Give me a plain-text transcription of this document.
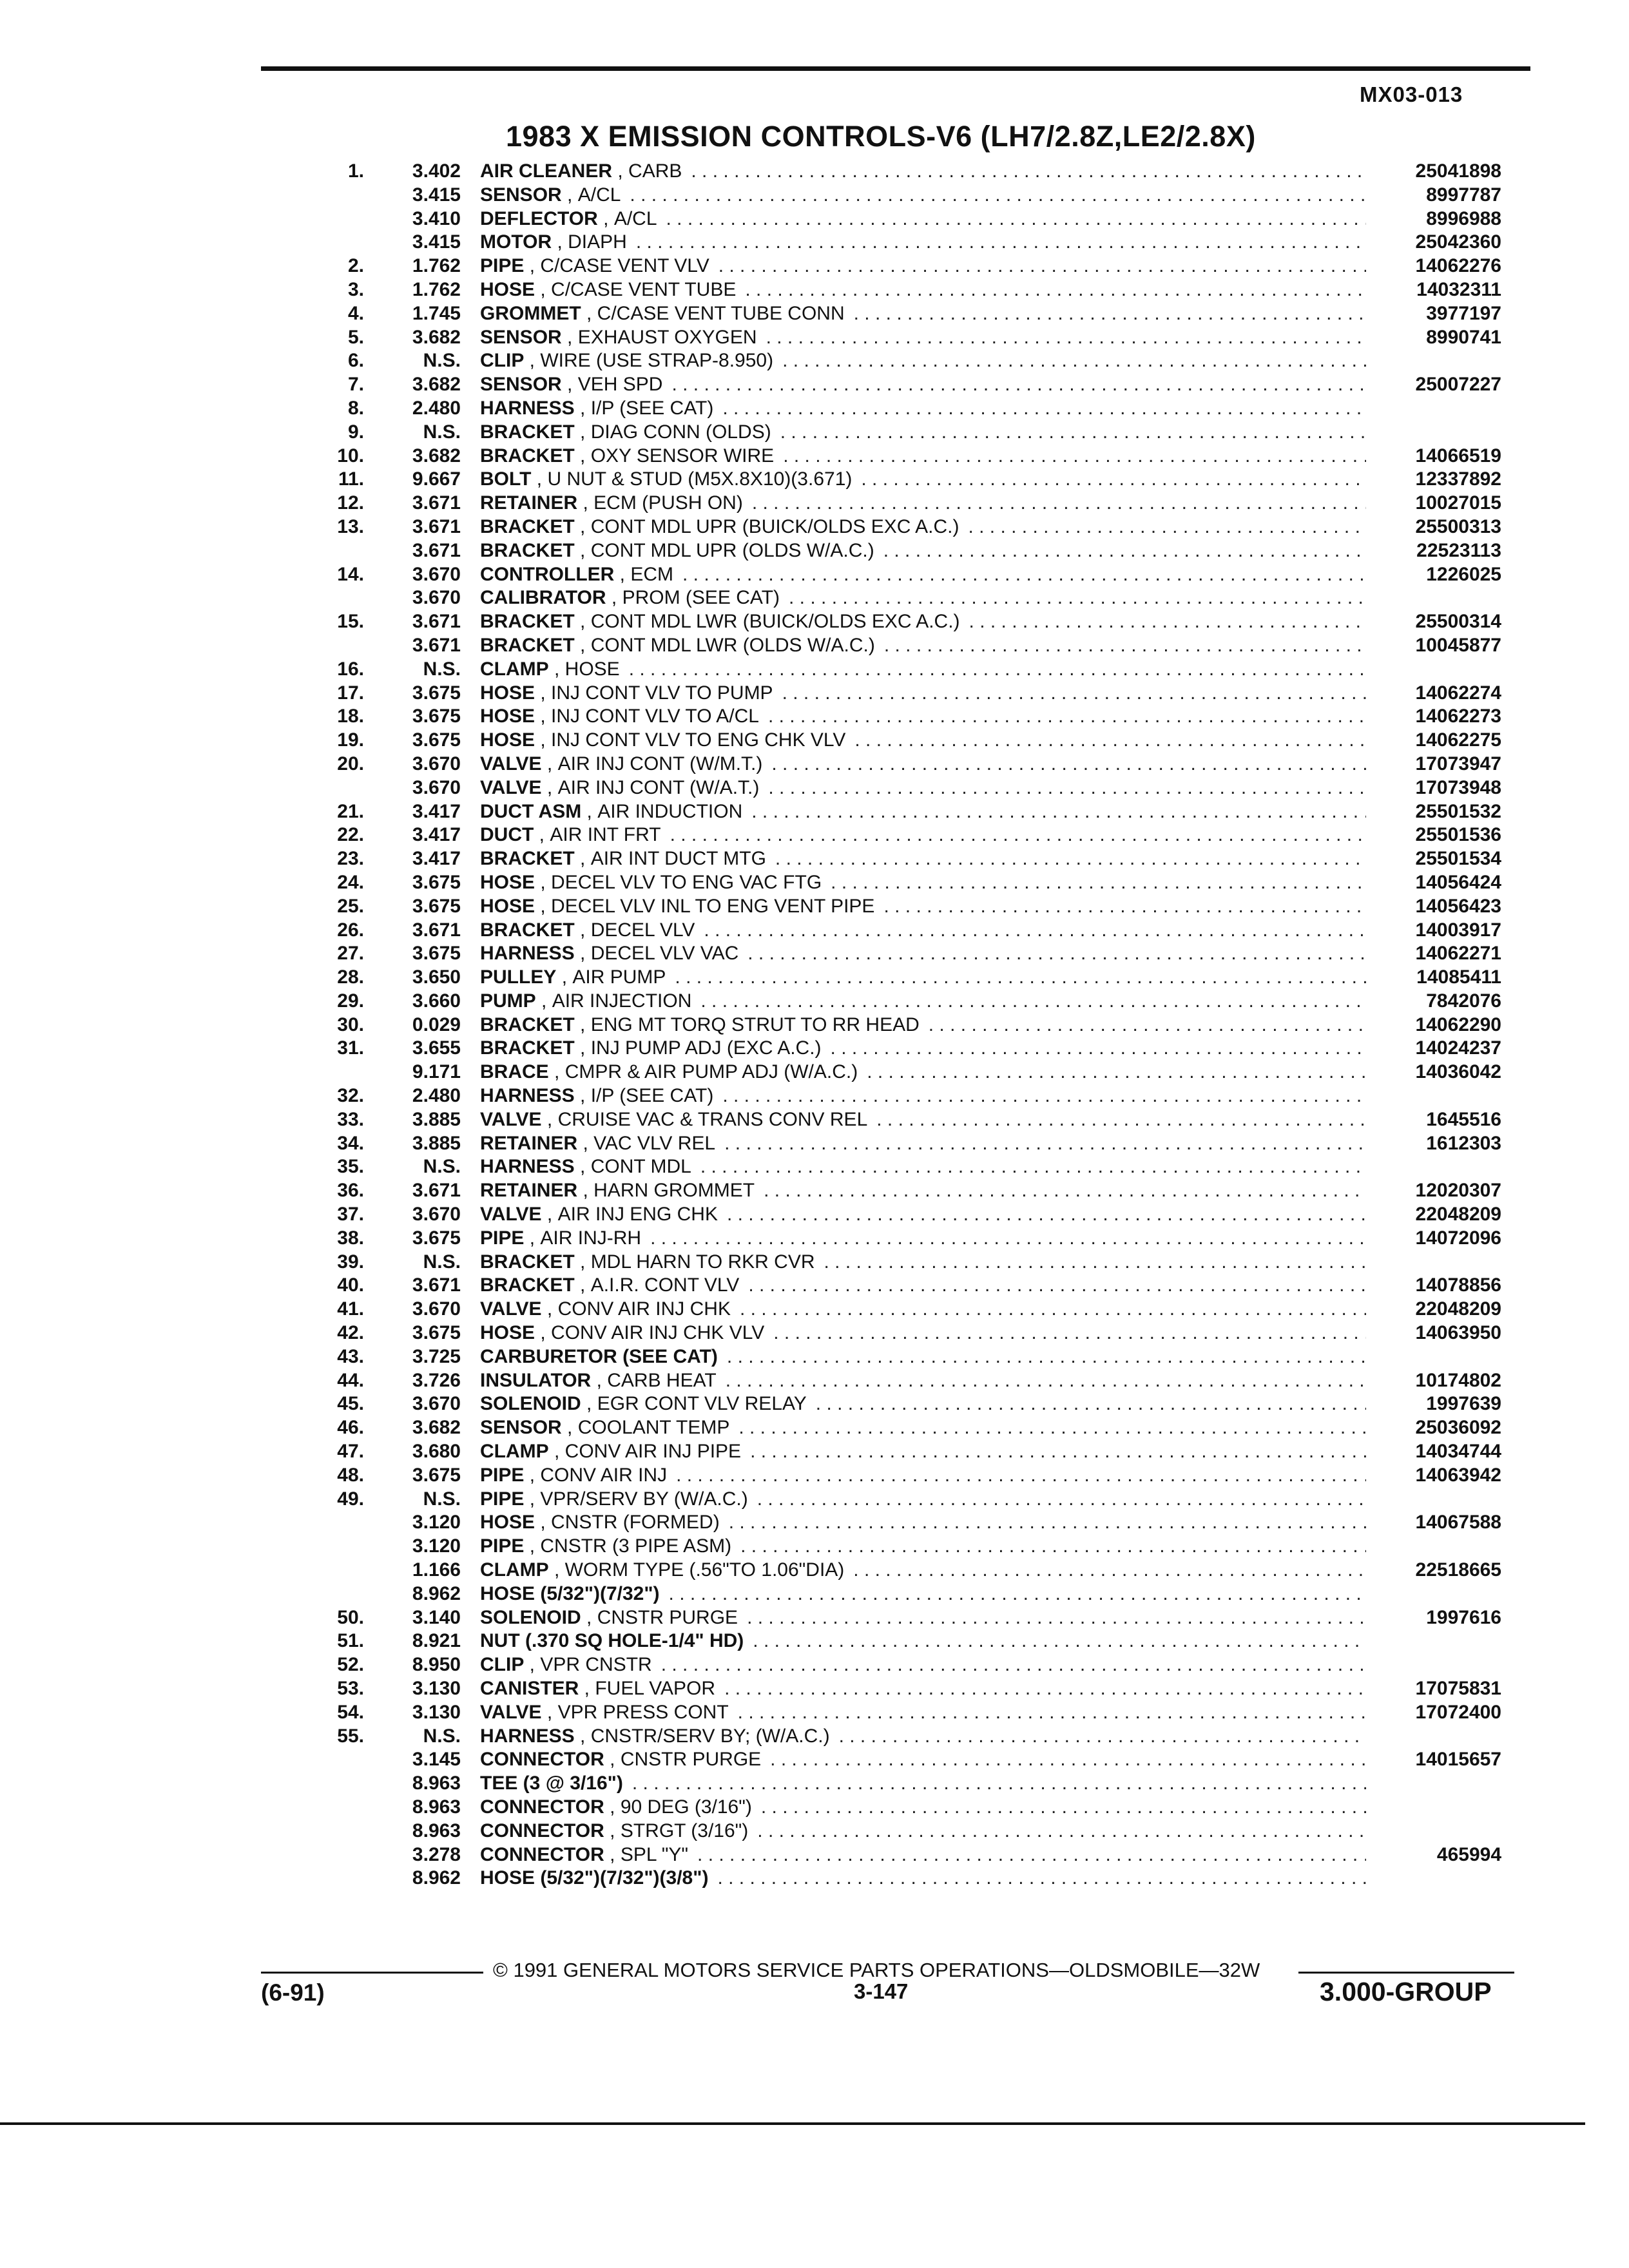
MX03-013
1983 X EMISSION CONTROLS-V6 (LH7/2.8Z,LE2/2.8X)
1. 3.402 AIR CLEANER , CARB . . .	25041898
3.415 SENSOR , A/CL . . .	8997787
3.410 DEFLECTOR , A/CL . . .	8996988
3.415 MOTOR , DIAPH . . .	25042360
2. 1.762 PIPE , C/CASE VENT VLV . . .	14062276
3. 1.762 HOSE , C/CASE VENT TUBE . . .	14032311
4. 1.745 GROMMET , C/CASE VENT TUBE CONN . . .	3977197
5. 3.682 SENSOR , EXHAUST OXYGEN . . .	8990741
6.	N.S. CLIP , WIRE (USE STRAP-8.950)
. . .
7. 3.682 SENSOR , VEH SPD . . .	25007227
8. 2.480 HARNESS , I/P (SEE CAT)
. . .
9.	N.S. BRACKET , DIAG CONN (OLDS)
. . .
10. 3.682 BRACKET , OXY SENSOR WIRE . . .	14066519
11. 9.667 BOLT , U NUT & STUD (M5X.8X10)(3.671) . . .	12337892
12. 3.671 RETAINER , ECM (PUSH ON) . . .	10027015
13. 3.671 BRACKET , CONT MDL UPR (BUICK/OLDS EXC A.C.) . . .	25500313
3.671 BRACKET , CONT MDL UPR (OLDS W/A.C.) . . .	22523113
14. 3.670 CONTROLLER , ECM . . .	1226025
3.670 CALIBRATOR , PROM (SEE CAT)
. . .
15. 3.671 BRACKET , CONT MDL LWR (BUICK/OLDS EXC A.C.) . . .	25500314
3.671 BRACKET , CONT MDL LWR (OLDS W/A.C.) . . .	10045877
16.	N.S. CLAMP , HOSE
. . .
17. 3.675 HOSE , INJ CONT VLV TO PUMP . . .	14062274
18. 3.675 HOSE , INJ CONT VLV TO A/CL . . .	14062273
19. 3.675 HOSE , INJ CONT VLV TO ENG CHK VLV . . .	14062275
20. 3.670 VALVE , AIR INJ CONT (W/M.T.) . . .	17073947
3.670 VALVE , AIR INJ CONT (W/A.T.) . . .	17073948
21. 3.417 DUCT ASM , AIR INDUCTION . . .	25501532
22. 3.417 DUCT , AIR INT FRT . . .	25501536
23. 3.417 BRACKET , AIR INT DUCT MTG . . .	25501534
24. 3.675 HOSE , DECEL VLV TO ENG VAC FTG . . .	14056424
25. 3.675 HOSE , DECEL VLV INL TO ENG VENT PIPE . . .	14056423
26. 3.671 BRACKET , DECEL VLV . . .	14003917
27. 3.675 HARNESS , DECEL VLV VAC . . .	14062271
28. 3.650 PULLEY , AIR PUMP . . .	14085411
29. 3.660 PUMP , AIR INJECTION . . .	7842076
30. 0.029 BRACKET , ENG MT TORQ STRUT TO RR HEAD . . .	14062290
31. 3.655 BRACKET , INJ PUMP ADJ (EXC A.C.) . . .	14024237
9.171 BRACE , CMPR & AIR PUMP ADJ (W/A.C.) . . .	14036042
32. 2.480 HARNESS , I/P (SEE CAT)
. . .
33. 3.885 VALVE , CRUISE VAC & TRANS CONV REL . . .	1645516
34. 3.885 RETAINER , VAC VLV REL . . .	1612303
35.	N.S. HARNESS , CONT MDL
. . .
36. 3.671 RETAINER , HARN GROMMET . . .	12020307
37. 3.670 VALVE , AIR INJ ENG CHK . . .	22048209
38. 3.675 PIPE , AIR INJ-RH . . .	14072096
39.	N.S. BRACKET , MDL HARN TO RKR CVR
. . .
40. 3.671 BRACKET , A.I.R. CONT VLV . . .	14078856
41. 3.670 VALVE , CONV AIR INJ CHK . . .	22048209
42. 3.675 HOSE , CONV AIR INJ CHK VLV . . .	14063950
43. 3.725 CARBURETOR (SEE CAT)
. . .
44. 3.726 INSULATOR , CARB HEAT . . .	10174802
45. 3.670 SOLENOID , EGR CONT VLV RELAY . . .	1997639
46. 3.682 SENSOR , COOLANT TEMP . . .	25036092
47. 3.680 CLAMP , CONV AIR INJ PIPE . . .	14034744
48. 3.675 PIPE , CONV AIR INJ . . .	14063942
49.	N.S. PIPE , VPR/SERV BY (W/A.C.)
. . .
3.120 HOSE , CNSTR (FORMED) . . .	14067588
3.120 PIPE , CNSTR (3 PIPE ASM)
. . .
1.166 CLAMP , WORM TYPE (.56"TO 1.06"DIA) . . .	22518665
8.962 HOSE (5/32")(7/32")
. . .
50. 3.140 SOLENOID , CNSTR PURGE . . .	1997616
51. 8.921 NUT (.370 SQ HOLE-1/4" HD)
. . .
52. 8.950 CLIP , VPR CNSTR
. . .
53. 3.130 CANISTER , FUEL VAPOR . . .	17075831
54. 3.130 VALVE , VPR PRESS CONT . . .	17072400
55.	N.S. HARNESS , CNSTR/SERV BY; (W/A.C.)
. . .
3.145 CONNECTOR , CNSTR PURGE . . .	14015657
8.963 TEE (3 @ 3/16")
. . .
8.963 CONNECTOR , 90 DEG (3/16")
. . .
8.963 CONNECTOR , STRGT (3/16")
. . .
3.278 CONNECTOR , SPL "Y" . . .	465994
8.962 HOSE (5/32")(7/32")(3/8")
. . .
© 1991 GENERAL MOTORS SERVICE PARTS OPERATIONS—OLDSMOBILE—32W
(6-91)	3-147	3.000-GROUP
